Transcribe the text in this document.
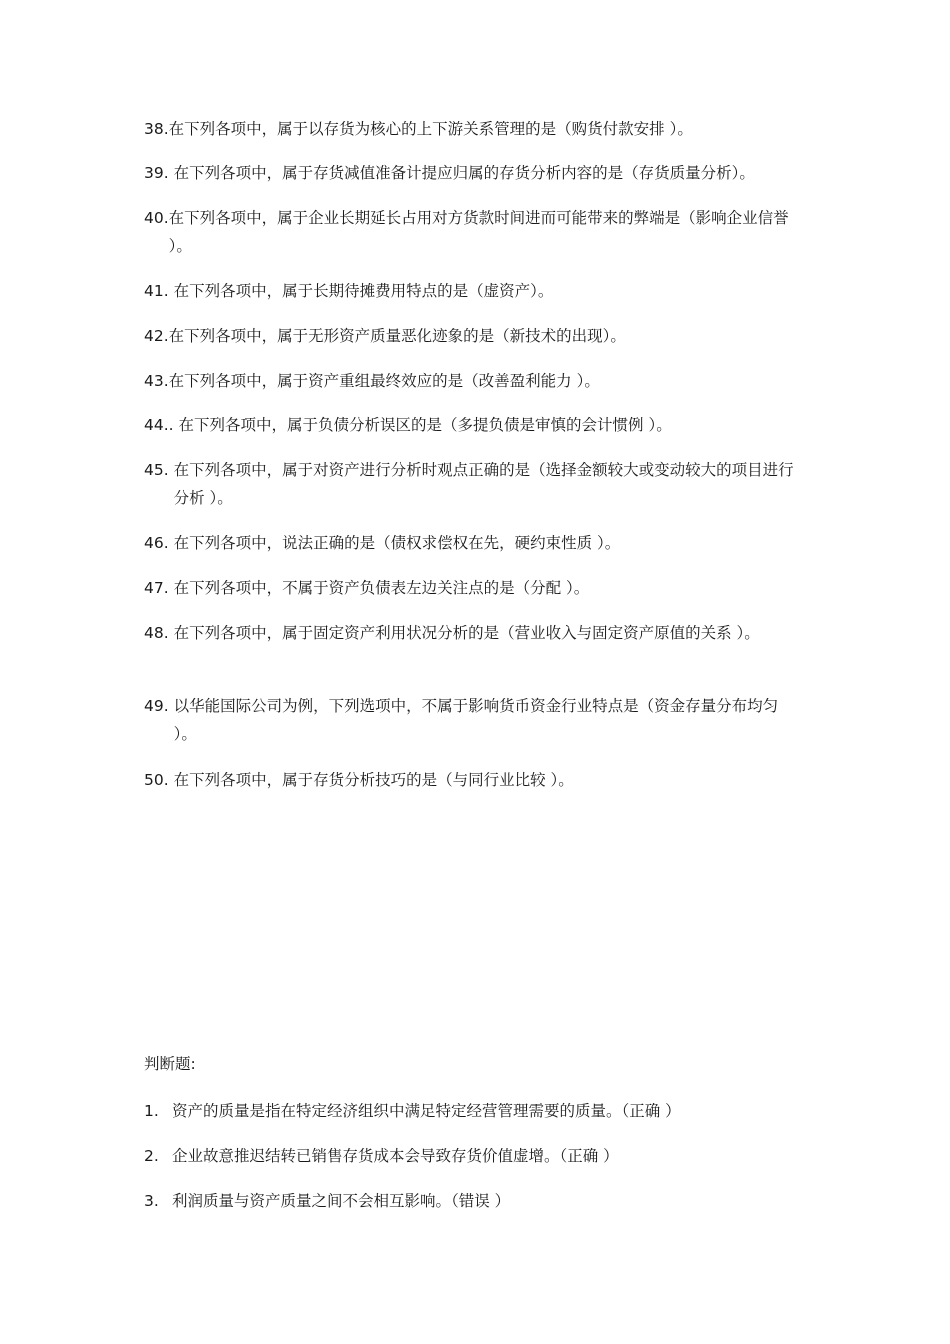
38. 在下列各项中，属于以存货为核心的上下游关系管理的是（购货付款安排 ）。
39. 在下列各项中，属于存货减值准备计提应归属的存货分析内容的是（存货质量分析）。
40. 在下列各项中，属于企业长期延长占用对方货款时间进而可能带来的弊端是（影响企业信誉 ）。
41. 在下列各项中，属于长期待摊费用特点的是（虚资产）。
42. 在下列各项中，属于无形资产质量恶化迹象的是（新技术的出现）。
43. 在下列各项中，属于资产重组最终效应的是（改善盈利能力 ）。
44. . 在下列各项中，属于负债分析误区的是（多提负债是审慎的会计惯例 ）。
45. 在下列各项中，属于对资产进行分析时观点正确的是（选择金额较大或变动较大的项目进行分析 ）。
46. 在下列各项中，说法正确的是（债权求偿权在先，硬约束性质 ）。
47. 在下列各项中，不属于资产负债表左边关注点的是（分配 ）。
48. 在下列各项中，属于固定资产利用状况分析的是（营业收入与固定资产原值的关系 ）。
49. 以华能国际公司为例，下列选项中，不属于影响货币资金行业特点是（资金存量分布均匀 ）。
50. 在下列各项中，属于存货分析技巧的是（与同行业比较 ）。
判断题:
1. 资产的质量是指在特定经济组织中满足特定经营管理需要的质量。（正确 ）
2. 企业故意推迟结转已销售存货成本会导致存货价值虚增。（正确 ）
3. 利润质量与资产质量之间不会相互影响。（错误 ）
